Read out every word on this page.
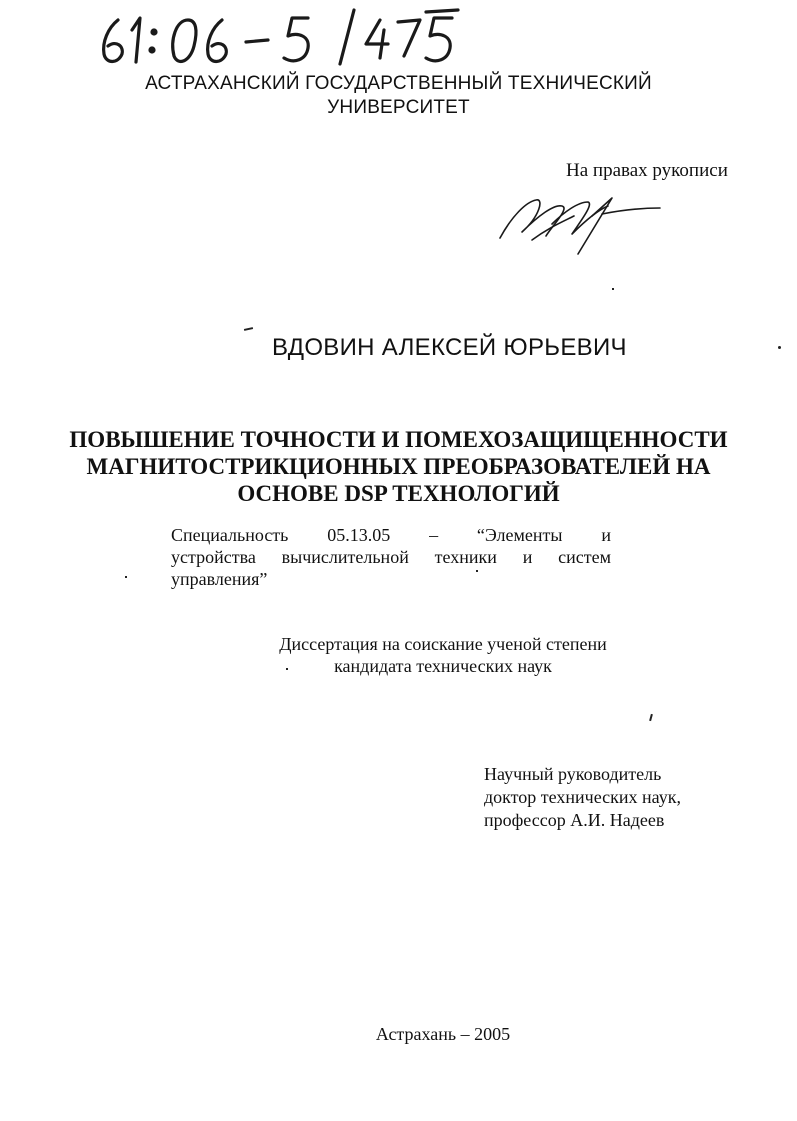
АСТРАХАНСКИЙ ГОСУДАРСТВЕННЫЙ ТЕХНИЧЕСКИЙ
УНИВЕРСИТЕТ
На правах рукописи
ВДОВИН АЛЕКСЕЙ ЮРЬЕВИЧ
ПОВЫШЕНИЕ ТОЧНОСТИ И ПОМЕХОЗАЩИЩЕННОСТИ
МАГНИТОСТРИКЦИОННЫХ ПРЕОБРАЗОВАТЕЛЕЙ НА
ОСНОВЕ DSP ТЕХНОЛОГИЙ
Специальность 05.13.05 – “Элементы и
устройства вычислительной техники и систем
управления”
Диссертация на соискание ученой степени
кандидата технических наук
Научный руководитель
доктор технических наук,
профессор А.И. Надеев
Астрахань – 2005
